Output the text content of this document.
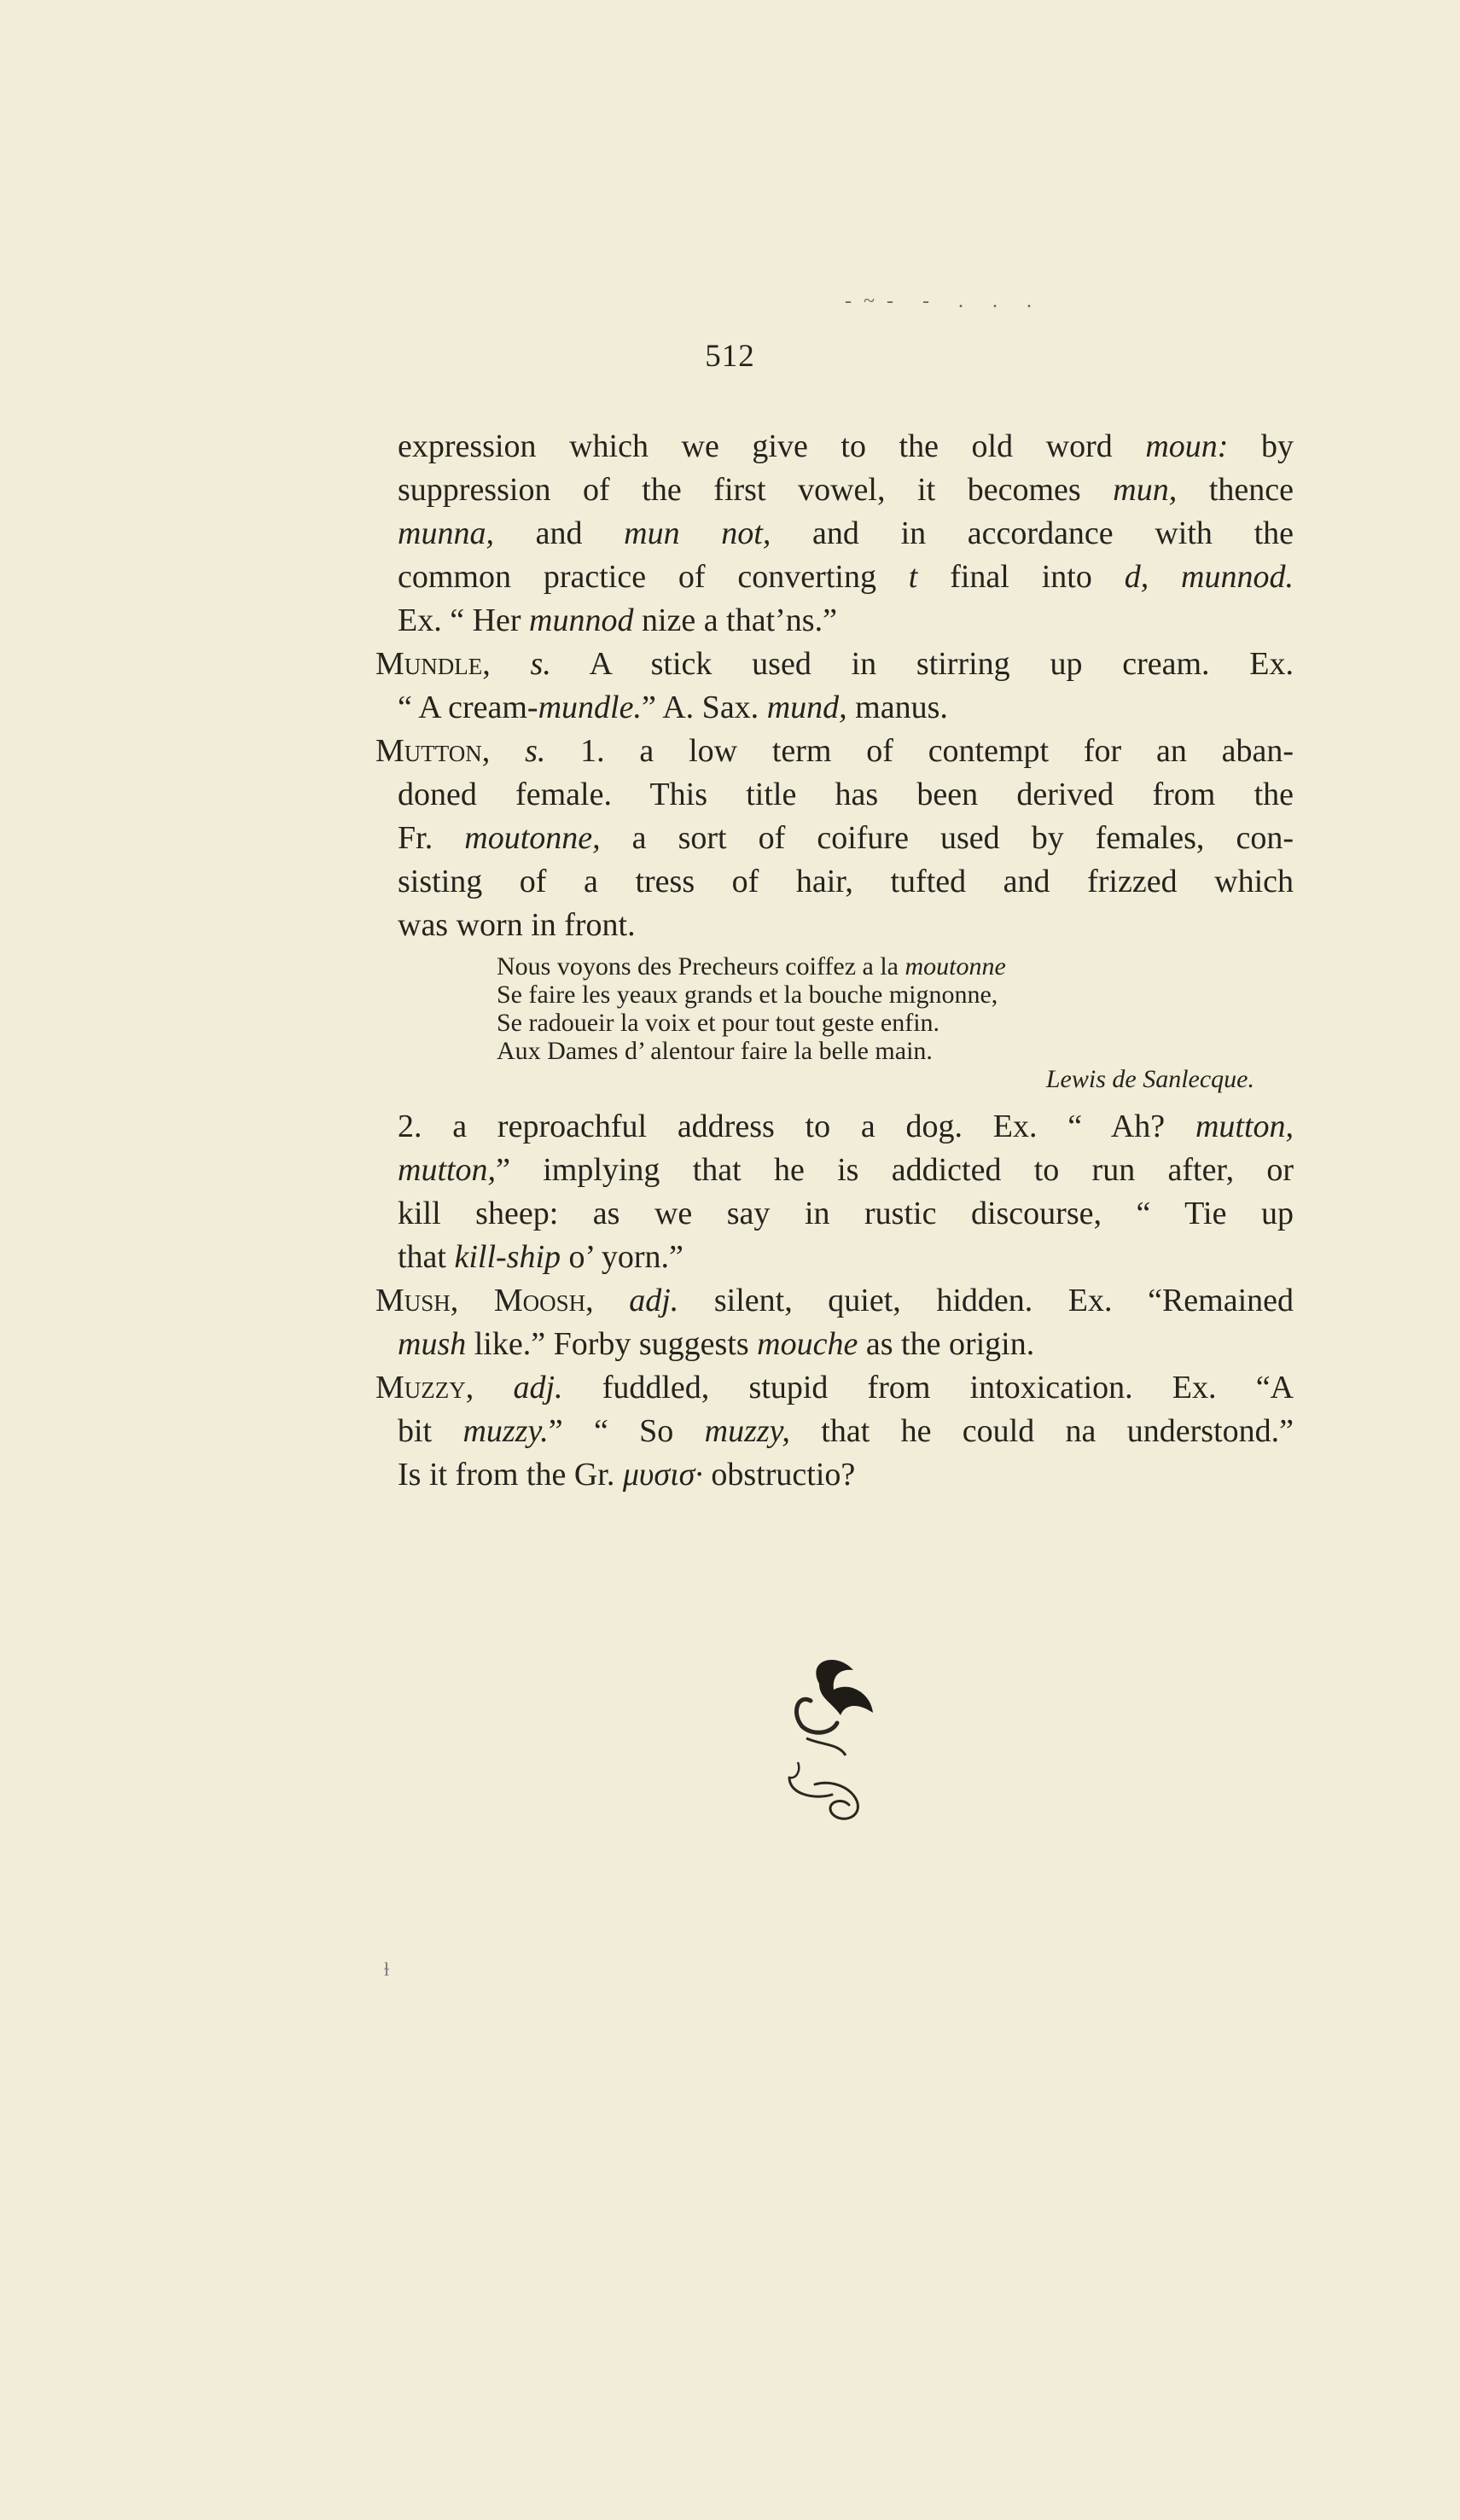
-~- - . . .
512
expression which we give to the old word moun: by
suppression of the first vowel, it becomes mun, thence
munna, and mun not, and in accordance with the
common practice of converting t final into d, munnod.
Ex. “ Her munnod nize a that’ns.”
Mundle, s. A stick used in stirring up cream. Ex.
“ A cream-mundle.” A. Sax. mund, manus.
Mutton, s. 1. a low term of contempt for an aban-
doned female. This title has been derived from the
Fr. moutonne, a sort of coifure used by females, con-
sisting of a tress of hair, tufted and frizzed which
was worn in front.
Nous voyons des Precheurs coiffez a la moutonne
Se faire les yeaux grands et la bouche mignonne,
Se radoueir la voix et pour tout geste enfin.
Aux Dames d’ alentour faire la belle main.
Lewis de Sanlecque.
2. a reproachful address to a dog. Ex. “ Ah? mutton,
mutton,” implying that he is addicted to run after, or
kill sheep: as we say in rustic discourse, “ Tie up
that kill-ship o’ yorn.”
Mush, Moosh, adj. silent, quiet, hidden. Ex. “Remained
mush like.” Forby suggests mouche as the origin.
Muzzy, adj. fuddled, stupid from intoxication. Ex. “A
bit muzzy.” “ So muzzy, that he could na understond.”
Is it from the Gr. μυσισ· obstructio?
ɫ
